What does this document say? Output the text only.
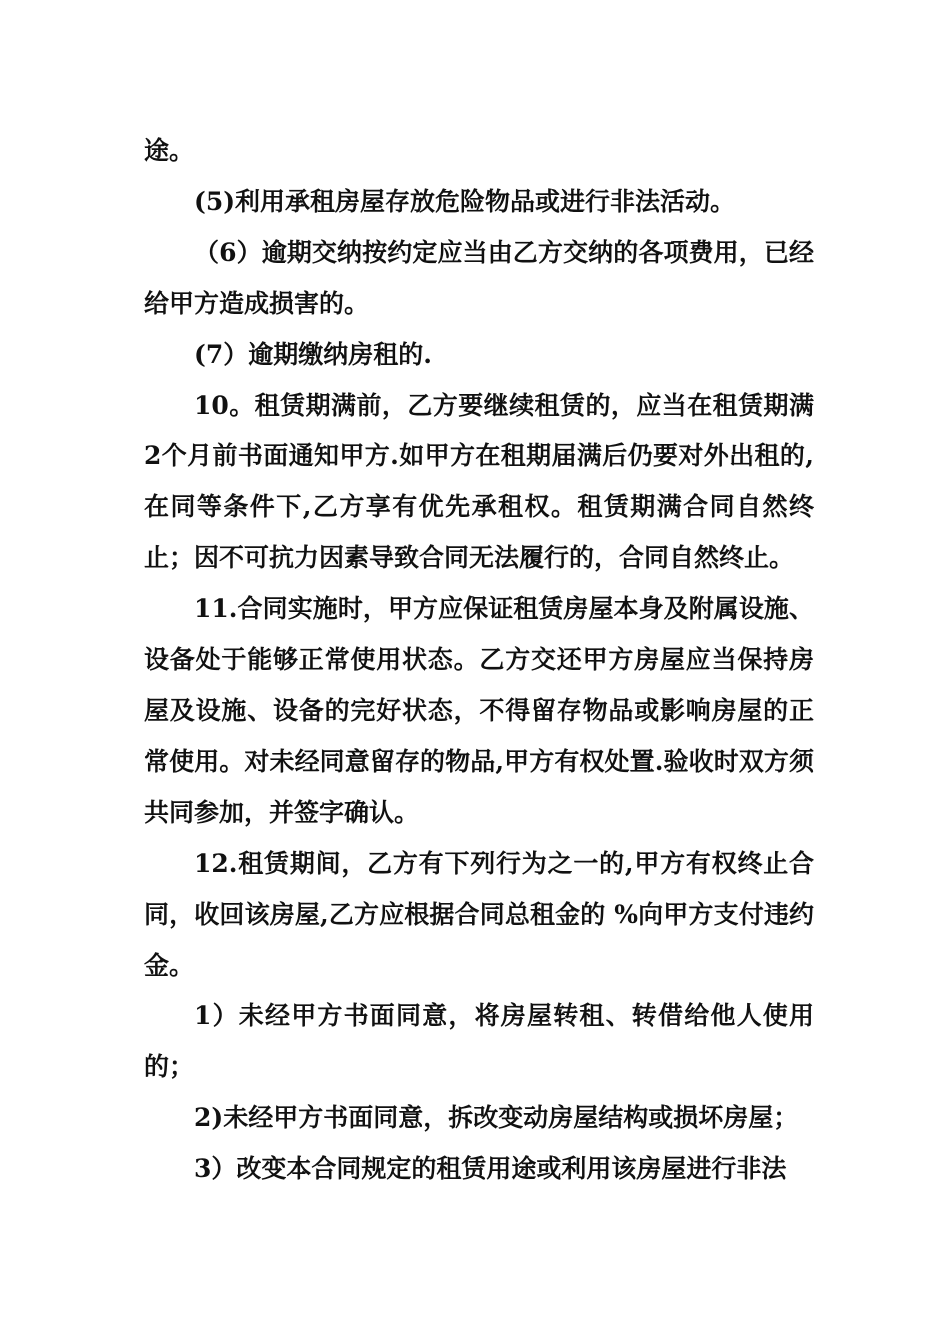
途。

(5)利用承租房屋存放危险物品或进行非法活动。

（6）逾期交纳按约定应当由乙方交纳的各项费用，已经给甲方造成损害的。

(7）逾期缴纳房租的.

10。租赁期满前，乙方要继续租赁的，应当在租赁期满2个月前书面通知甲方.如甲方在租期届满后仍要对外出租的,在同等条件下,乙方享有优先承租权。租赁期满合同自然终止；因不可抗力因素导致合同无法履行的，合同自然终止。

11.合同实施时，甲方应保证租赁房屋本身及附属设施、设备处于能够正常使用状态。乙方交还甲方房屋应当保持房屋及设施、设备的完好状态，不得留存物品或影响房屋的正常使用。对未经同意留存的物品,甲方有权处置.验收时双方须共同参加，并签字确认。

12.租赁期间，乙方有下列行为之一的,甲方有权终止合同，收回该房屋,乙方应根据合同总租金的 %向甲方支付违约金。

1）未经甲方书面同意，将房屋转租、转借给他人使用的；

2)未经甲方书面同意，拆改变动房屋结构或损坏房屋；

3）改变本合同规定的租赁用途或利用该房屋进行非法
